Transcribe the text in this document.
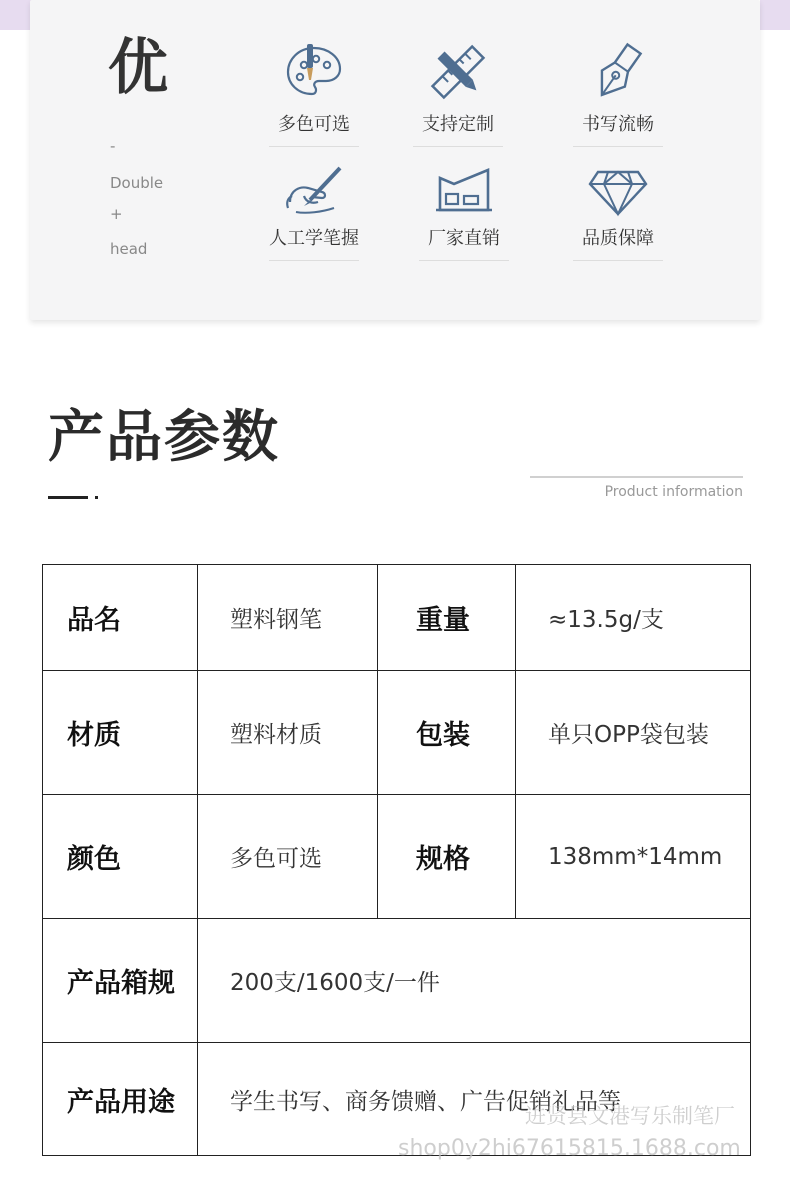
优
-
Double
+
head
多色可选	支持定制	书写流畅
人工学笔握	厂家直销	品质保障
产品参数
Product information
品名	塑料钢笔	重量	≈13.5g/支
材质	塑料材质	包装	单只OPP袋包装
颜色	多色可选	规格	138mm*14mm
产品箱规	200支/1600支/一件		
产品用途	学生书写、商务馈赠、广告促销礼品等		
进贤县文港写乐制笔厂
shop0y2hi67615815.1688.com
